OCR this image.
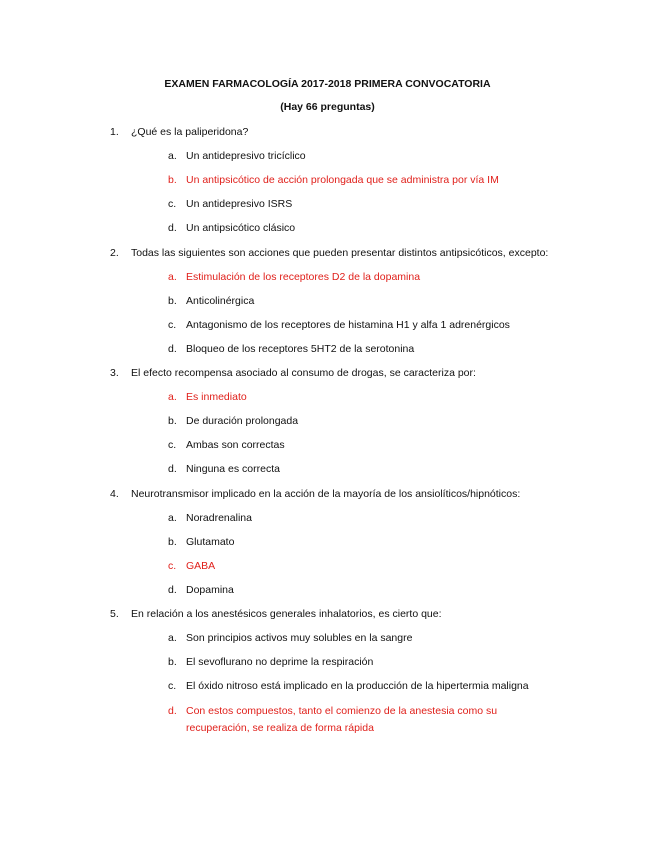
EXAMEN FARMACOLOGÍA 2017-2018 PRIMERA CONVOCATORIA
(Hay 66 preguntas)
1. ¿Qué es la paliperidona?
a. Un antidepresivo tricíclico
b. Un antipsicótico de acción prolongada que se administra por vía IM
c. Un antidepresivo ISRS
d. Un antipsicótico clásico
2. Todas las siguientes son acciones que pueden presentar distintos antipsicóticos, excepto:
a. Estimulación de los receptores D2 de la dopamina
b. Anticolinérgica
c. Antagonismo de los receptores de histamina H1 y alfa 1 adrenérgicos
d. Bloqueo de los receptores 5HT2 de la serotonina
3. El efecto recompensa asociado al consumo de drogas, se caracteriza por:
a. Es inmediato
b. De duración prolongada
c. Ambas son correctas
d. Ninguna es correcta
4. Neurotransmisor implicado en la acción de la mayoría de los ansiolíticos/hipnóticos:
a. Noradrenalina
b. Glutamato
c. GABA
d. Dopamina
5. En relación a los anestésicos generales inhalatorios, es cierto que:
a. Son principios activos muy solubles en la sangre
b. El sevoflurano no deprime la respiración
c. El óxido nitroso está implicado en la producción de la hipertermia maligna
d. Con estos compuestos, tanto el comienzo de la anestesia como su recuperación, se realiza de forma rápida
